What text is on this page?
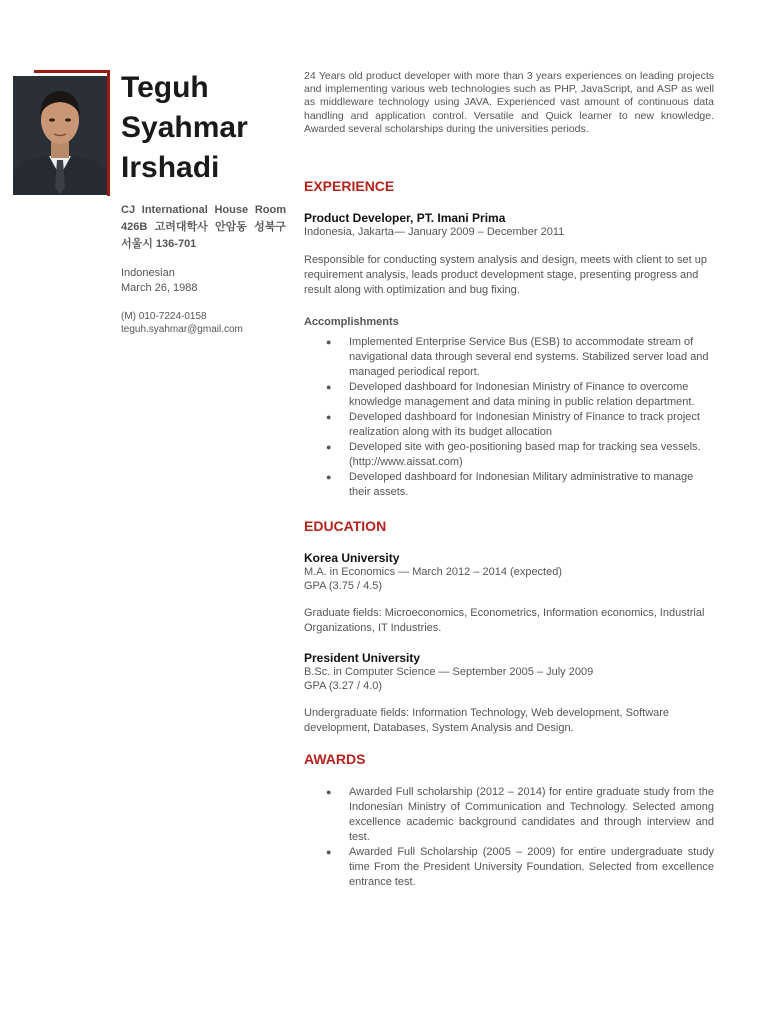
Teguh
Syahmar
Irshadi
CJ International House Room
426B 고려대학사 안암동 성북구
서울시 136-701
Indonesian
March 26, 1988
(M) 010-7224-0158
teguh.syahmar@gmail.com

24 Years old product developer with more than 3 years experiences on leading projects and implementing various web technologies such as PHP, JavaScript, and ASP as well as middleware technology using JAVA. Experienced vast amount of continuous data handling and application control. Versatile and Quick learner to new knowledge. Awarded several scholarships during the universities periods.

EXPERIENCE
Product Developer, PT. Imani Prima
Indonesia, Jakarta— January 2009 – December 2011
Responsible for conducting system analysis and design, meets with client to set up requirement analysis, leads product development stage, presenting progress and result along with optimization and bug fixing.
Accomplishments
● Implemented Enterprise Service Bus (ESB) to accommodate stream of navigational data through several end systems. Stabilized server load and managed periodical report.
● Developed dashboard for Indonesian Ministry of Finance to overcome knowledge management and data mining in public relation department.
● Developed dashboard for Indonesian Ministry of Finance to track project realization along with its budget allocation
● Developed site with geo-positioning based map for tracking sea vessels. (http://www.aissat.com)
● Developed dashboard for Indonesian Military administrative to manage their assets.
EDUCATION
Korea University
M.A. in Economics — March 2012 – 2014 (expected)
GPA (3.75 / 4.5)
Graduate fields: Microeconomics, Econometrics, Information economics, Industrial Organizations, IT Industries.
President University
B.Sc. in Computer Science — September 2005 – July 2009
GPA (3.27 / 4.0)
Undergraduate fields: Information Technology, Web development, Software development, Databases, System Analysis and Design.
AWARDS
● Awarded Full scholarship (2012 – 2014) for entire graduate study from the Indonesian Ministry of Communication and Technology. Selected among excellence academic background candidates and through interview and test.
● Awarded Full Scholarship (2005 – 2009) for entire undergraduate study time From the President University Foundation. Selected from excellence entrance test.
